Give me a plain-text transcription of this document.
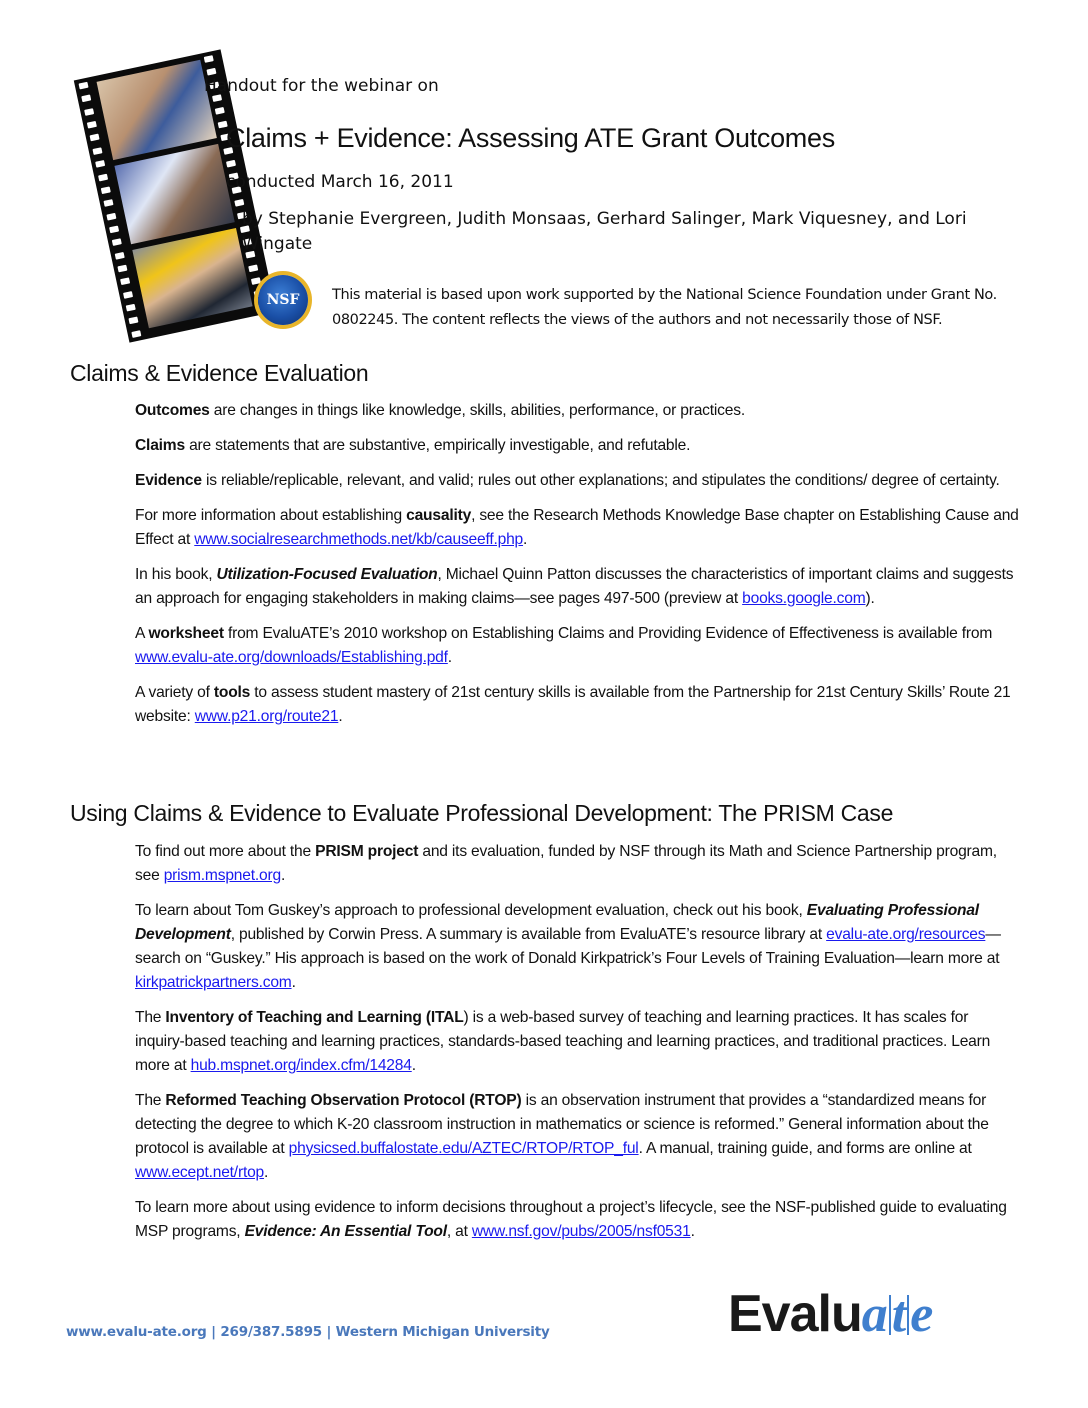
Handout for the webinar on
Claims + Evidence: Assessing ATE Grant Outcomes
conducted March 16, 2011
by Stephanie Evergreen, Judith Monsaas, Gerhard Salinger, Mark Viquesney, and Lori Wingate
NSF This material is based upon work supported by the National Science Foundation under Grant No. 0802245. The content reflects the views of the authors and not necessarily those of NSF.
Claims & Evidence Evaluation

Outcomes are changes in things like knowledge, skills, abilities, performance, or practices.

Claims are statements that are substantive, empirically investigable, and refutable.

Evidence is reliable/replicable, relevant, and valid; rules out other explanations; and stipulates the conditions/ degree of certainty.

For more information about establishing causality, see the Research Methods Knowledge Base chapter on Establishing Cause and Effect at www.socialresearchmethods.net/kb/causeeff.php.

In his book, Utilization-Focused Evaluation, Michael Quinn Patton discusses the characteristics of important claims and suggests an approach for engaging stakeholders in making claims—see pages 497-500 (preview at books.google.com).

A worksheet from EvaluATE’s 2010 workshop on Establishing Claims and Providing Evidence of Effectiveness is available from www.evalu-ate.org/downloads/Establishing.pdf.

A variety of tools to assess student mastery of 21st century skills is available from the Partnership for 21st Century Skills’ Route 21 website: www.p21.org/route21.

Using Claims & Evidence to Evaluate Professional Development: The PRISM Case

To find out more about the PRISM project and its evaluation, funded by NSF through its Math and Science Partnership program, see prism.mspnet.org.

To learn about Tom Guskey’s approach to professional development evaluation, check out his book, Evaluating Professional Development, published by Corwin Press. A summary is available from EvaluATE’s resource library at evalu-ate.org/resources—search on “Guskey.” His approach is based on the work of Donald Kirkpatrick’s Four Levels of Training Evaluation—learn more at kirkpatrickpartners.com.

The Inventory of Teaching and Learning (ITAL) is a web-based survey of teaching and learning practices. It has scales for inquiry-based teaching and learning practices, standards-based teaching and learning practices, and traditional practices. Learn more at hub.mspnet.org/index.cfm/14284.

The Reformed Teaching Observation Protocol (RTOP) is an observation instrument that provides a “standardized means for detecting the degree to which K-20 classroom instruction in mathematics or science is reformed.” General information about the protocol is available at physicsed.buffalostate.edu/AZTEC/RTOP/RTOP_ful. A manual, training guide, and forms are online at www.ecept.net/rtop.

To learn more about using evidence to inform decisions throughout a project’s lifecycle, see the NSF-published guide to evaluating MSP programs, Evidence: An Essential Tool, at www.nsf.gov/pubs/2005/nsf0531.

www.evalu-ate.org | 269/387.5895 | Western Michigan University	Evaluate
